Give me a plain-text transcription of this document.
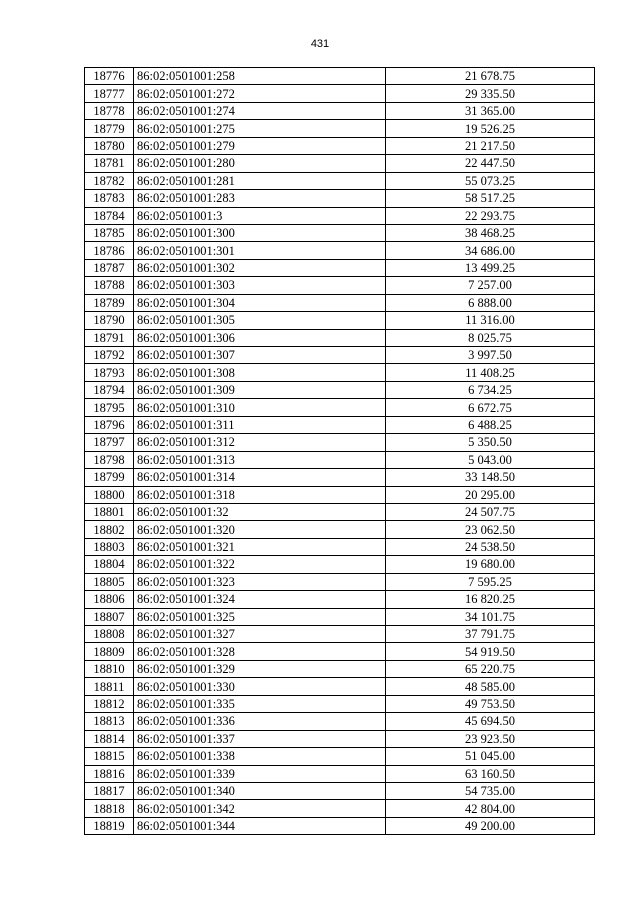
431
18776	86:02:0501001:258	21 678.75
18777	86:02:0501001:272	29 335.50
18778	86:02:0501001:274	31 365.00
18779	86:02:0501001:275	19 526.25
18780	86:02:0501001:279	21 217.50
18781	86:02:0501001:280	22 447.50
18782	86:02:0501001:281	55 073.25
18783	86:02:0501001:283	58 517.25
18784	86:02:0501001:3	22 293.75
18785	86:02:0501001:300	38 468.25
18786	86:02:0501001:301	34 686.00
18787	86:02:0501001:302	13 499.25
18788	86:02:0501001:303	7 257.00
18789	86:02:0501001:304	6 888.00
18790	86:02:0501001:305	11 316.00
18791	86:02:0501001:306	8 025.75
18792	86:02:0501001:307	3 997.50
18793	86:02:0501001:308	11 408.25
18794	86:02:0501001:309	6 734.25
18795	86:02:0501001:310	6 672.75
18796	86:02:0501001:311	6 488.25
18797	86:02:0501001:312	5 350.50
18798	86:02:0501001:313	5 043.00
18799	86:02:0501001:314	33 148.50
18800	86:02:0501001:318	20 295.00
18801	86:02:0501001:32	24 507.75
18802	86:02:0501001:320	23 062.50
18803	86:02:0501001:321	24 538.50
18804	86:02:0501001:322	19 680.00
18805	86:02:0501001:323	7 595.25
18806	86:02:0501001:324	16 820.25
18807	86:02:0501001:325	34 101.75
18808	86:02:0501001:327	37 791.75
18809	86:02:0501001:328	54 919.50
18810	86:02:0501001:329	65 220.75
18811	86:02:0501001:330	48 585.00
18812	86:02:0501001:335	49 753.50
18813	86:02:0501001:336	45 694.50
18814	86:02:0501001:337	23 923.50
18815	86:02:0501001:338	51 045.00
18816	86:02:0501001:339	63 160.50
18817	86:02:0501001:340	54 735.00
18818	86:02:0501001:342	42 804.00
18819	86:02:0501001:344	49 200.00
